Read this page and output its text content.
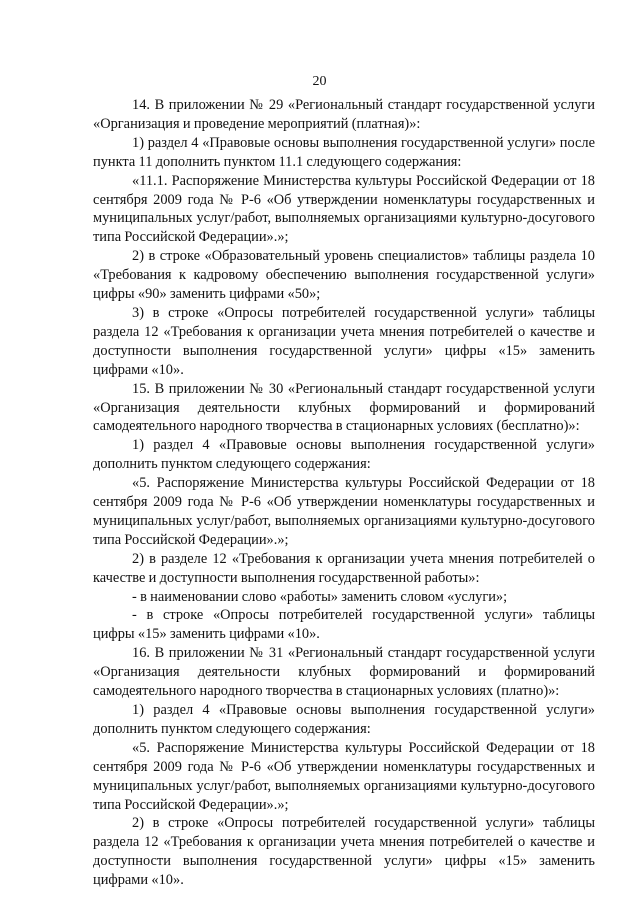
20

14. В приложении № 29 «Региональный стандарт государственной услуги «Организация и проведение мероприятий (платная)»:

1) раздел 4 «Правовые основы выполнения государственной услуги» после пункта 11 дополнить пунктом 11.1 следующего содержания:

«11.1. Распоряжение Министерства культуры Российской Федерации от 18 сентября 2009 года № Р-6 «Об утверждении номенклатуры государственных и муниципальных услуг/работ, выполняемых организациями культурно-досугового типа Российской Федерации».»;

2) в строке «Образовательный уровень специалистов» таблицы раздела 10 «Требования к кадровому обеспечению выполнения государственной услуги» цифры «90» заменить цифрами «50»;

3) в строке «Опросы потребителей государственной услуги» таблицы раздела 12 «Требования к организации учета мнения потребителей о качестве и доступности выполнения государственной услуги» цифры «15» заменить цифрами «10».

15. В приложении № 30 «Региональный стандарт государственной услуги «Организация деятельности клубных формирований и формирований самодеятельного народного творчества в стационарных условиях (бесплатно)»:

1) раздел 4 «Правовые основы выполнения государственной услуги» дополнить пунктом следующего содержания:

«5. Распоряжение Министерства культуры Российской Федерации от 18 сентября 2009 года № Р-6 «Об утверждении номенклатуры государственных и муниципальных услуг/работ, выполняемых организациями культурно-досугового типа Российской Федерации».»;

2) в разделе 12 «Требования к организации учета мнения потребителей о качестве и доступности выполнения государственной работы»:

- в наименовании слово «работы» заменить словом «услуги»;

- в строке «Опросы потребителей государственной услуги» таблицы цифры «15» заменить цифрами «10».

16. В приложении № 31 «Региональный стандарт государственной услуги «Организация деятельности клубных формирований и формирований самодеятельного народного творчества в стационарных условиях (платно)»:

1) раздел 4 «Правовые основы выполнения государственной услуги» дополнить пунктом следующего содержания:

«5. Распоряжение Министерства культуры Российской Федерации от 18 сентября 2009 года № Р-6 «Об утверждении номенклатуры государственных и муниципальных услуг/работ, выполняемых организациями культурно-досугового типа Российской Федерации».»;

2) в строке «Опросы потребителей государственной услуги» таблицы раздела 12 «Требования к организации учета мнения потребителей о качестве и доступности выполнения государственной услуги» цифры «15» заменить цифрами «10».
